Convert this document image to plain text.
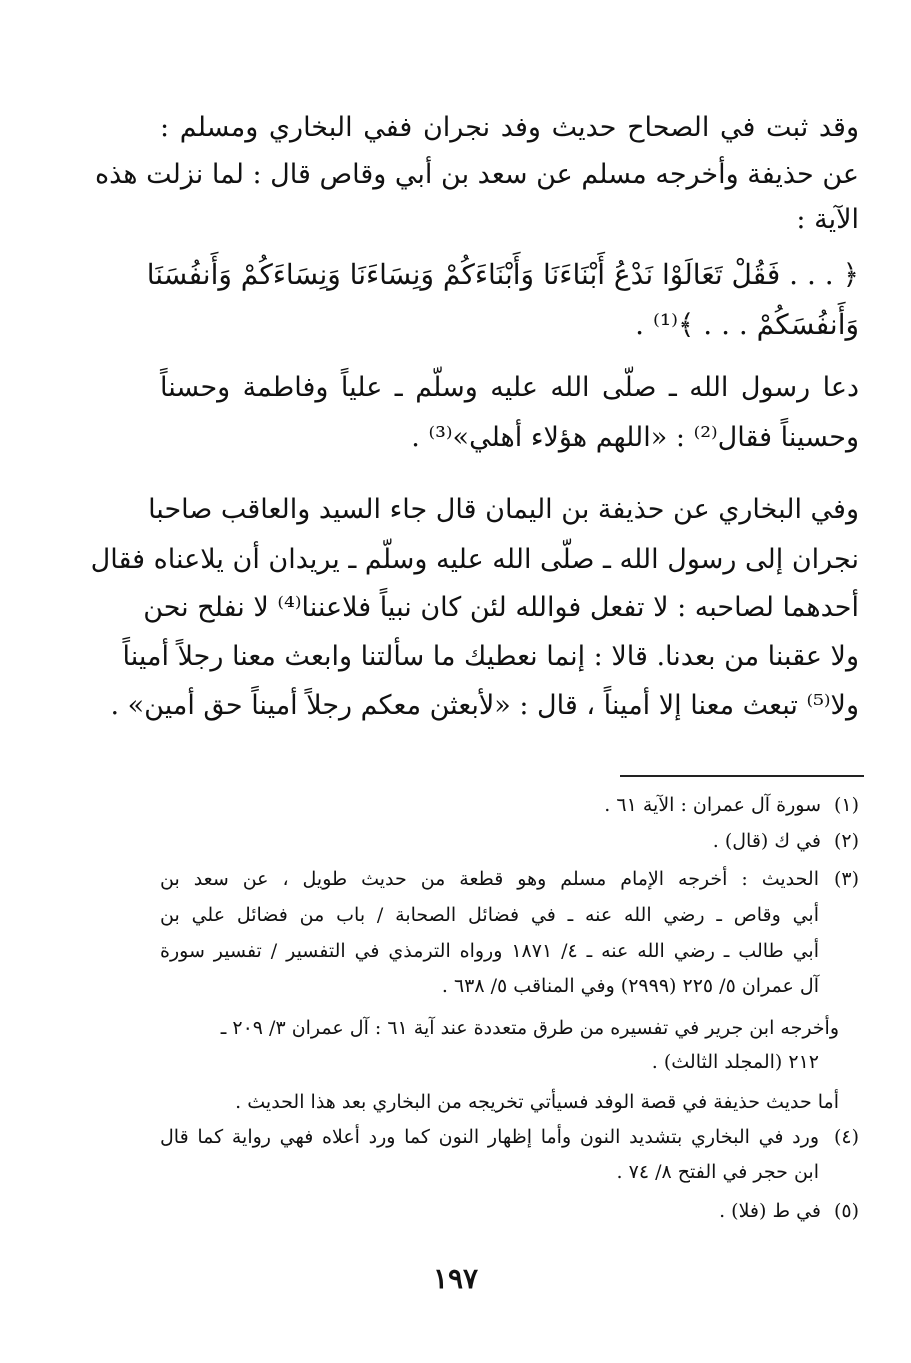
وقد ثبت في الصحاح حديث وفد نجران ففي البخاري ومسلم :
عن حذيفة وأخرجه مسلم عن سعد بن أبي وقاص قال : لما نزلت هذه
الآية :
﴿ . . . فَقُلْ تَعَالَوْا نَدْعُ أَبْنَاءَنَا وَأَبْنَاءَكُمْ وَنِسَاءَنَا وَنِسَاءَكُمْ وَأَنفُسَنَا
وَأَنفُسَكُمْ . . . ﴾⁽¹⁾ .
دعا رسول الله ـ صلّى الله عليه وسلّم ـ علياً وفاطمة وحسناً
وحسيناً فقال⁽²⁾ : «اللهم هؤلاء أهلي»⁽³⁾ .
وفي البخاري عن حذيفة بن اليمان قال جاء السيد والعاقب صاحبا
نجران إلى رسول الله ـ صلّى الله عليه وسلّم ـ يريدان أن يلاعناه فقال
أحدهما لصاحبه : لا تفعل فوالله لئن كان نبياً فلاعننا⁽⁴⁾ لا نفلح نحن
ولا عقبنا من بعدنا. قالا : إنما نعطيك ما سألتنا وابعث معنا رجلاً أميناً
ولا⁽⁵⁾ تبعث معنا إلا أميناً ، قال : «لأبعثن معكم رجلاً أميناً حق أمين» .
(١)سورة آل عمران : الآية ٦١ .
(٢)في ك (قال) .
(٣)
الحديث : أخرجه الإمام مسلم وهو قطعة من حديث طويل ، عن سعد بن
أبي وقاص ـ رضي الله عنه ـ في فضائل الصحابة / باب من فضائل علي بن
أبي طالب ـ رضي الله عنه ـ ٤/ ١٨٧١ ورواه الترمذي في التفسير / تفسير سورة
آل عمران ٥/ ٢٢٥ (٢٩٩٩) وفي المناقب ٥/ ٦٣٨ .
وأخرجه ابن جرير في تفسيره من طرق متعددة عند آية ٦١ : آل عمران ٣/ ٢٠٩ ـ
٢١٢ (المجلد الثالث) .
أما حديث حذيفة في قصة الوفد فسيأتي تخريجه من البخاري بعد هذا الحديث .
(٤)
ورد في البخاري بتشديد النون وأما إظهار النون كما ورد أعلاه فهي رواية كما قال
ابن حجر في الفتح ٨/ ٧٤ .
(٥)في ط (فلا) .
١٩٧
